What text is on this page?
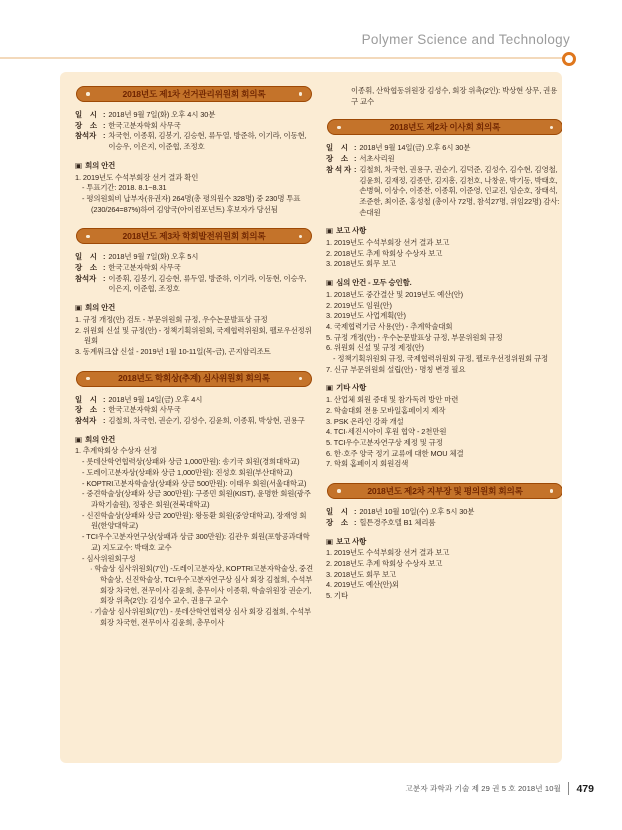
Polymer Science and Technology
2018년도 제1차 선거관리위원회 회의록
일    시 : 2018년 9월 7일(화) 오후 4시 30분
장    소 : 한국고분자학회 사무국
참석자 : 차국헌, 이종휘, 김봉기, 김승현, 류두열, 방준하, 이기라, 이동현, 이승우, 이은지, 이준협, 조정호
▣ 회의 안건
1. 2019년도 수석부회장 선거 결과 확인
- 투표기간: 2018. 8.1~8.31
- 평의원회비 납부자(유권자) 264명(총 평의원수 328명) 중 230명 투표(230/264=87%)하여 김양국(아이컴포넌트) 후보자가 당선됨
2018년도 제3차 학회발전위원회 회의록
일    시 : 2018년 9월 7일(화) 오후 5시
장    소 : 한국고분자학회 사무국
참석자 : 이종휘, 김봉기, 김승현, 류두열, 방준하, 이기라, 이동현, 이승우, 이은지, 이준협, 조정호
▣ 회의 안건
1. 규정 개정(안) 검토 - 부문위원회 규정, 우수논문발표상 규정
2. 위원회 신설 및 규정(안) - 정책기획위원회, 국제협력위원회, 펠로우선정위원회
3. 동계워크샵 신설 - 2019년 1월 10-11일(목-금), 곤지암리조트
2018년도 학회상(추계) 심사위원회 회의록
일    시 : 2018년 9월 14일(금) 오후 4시
장    소 : 한국고분자학회 사무국
참석자 : 김철희, 차국헌, 권순기, 김성수, 김윤희, 이종휘, 박상현, 권용구
▣ 회의 안건
1. 추계학회상 수상자 선정
- 롯데산학연협력상(상패와 상금 1,000만원): 송기국 회원(경희대학교)
- 도레이고분자상(상패와 상금 1,000만원): 진성호 회원(부산대학교)
- KOPTRI고분자학술상(상패와 상금 500만원): 이태우 회원(서울대학교)
- 중견학술상(상패와 상금 300만원): 구종민 회원(KIST), 윤명한 회원(광주과학기술원), 정광은 회원(전북대학교)
- 신진학술상(상패와 상금 200만원): 왕동환 회원(중앙대학교), 장재영 회원(한양대학교)
- TCI우수고분자연구상(상패과 상금 300만원): 김관우 회원(포항공과대학교) 지도교수: 박태호 교수
- 심사위원회구성
· 학술상 심사위원회(7인) -도레이고분자상, KOPTRI고분자학술상, 중견학술상, 신진학술상, TCI우수고분자연구상 심사 회장 김철희, 수석부회장 차국헌, 전무이사 김윤희, 총무이사 이종휘, 학술위원장 권순기, 회장 위촉(2인): 김성수 교수, 권용구 교수
· 기술상 심사위원회(7인) - 롯데산학연협력상 심사 회장 김철희, 수석부회장 차국헌, 전무이사 김윤희, 총무이사
이종휘, 산학협동위원장 김성수, 회장 위촉(2인): 박상현 상무, 권용구 교수
2018년도 제2차 이사회 회의록
일    시 : 2018년 9월 14일(금) 오후 6시 30분
장    소 : 서초사리원
참 석 자 : 김철희, 차국헌, 권용구, 권순기, 김덕준, 김성수, 김수현, 김영철, 김윤희, 김재정, 김종만, 김지흥, 김천호, 나창운, 박기동, 박태호, 손병혁, 이상수, 이종찬, 이종휘, 이준영, 인교진, 임순호, 장태석, 조준한, 최이준, 홍성철 (총이사 72명, 참석27명, 위임22명) 감사: 손대원
▣ 보고 사항
1. 2019년도 수석부회장 선거 결과 보고
2. 2018년도 추계 학회상 수상자 보고
3. 2018년도 회무 보고
▣ 심의 안건 - 모두 승인함.
1. 2018년도 중간결산 및 2019년도 예산(안)
2. 2019년도 임원(안)
3. 2019년도 사업계획(안)
4. 국제협력기금 사용(안) - 추계학술대회
5. 규정 개정(안) - 우수논문발표상 규정, 부문위원회 규정
6. 위원회 신설 및 규정 제정(안)
- 정책기획위원회 규정, 국제협력위원회 규정, 펠로우선정위원회 규정
7. 신규 부문위원회 설립(안) - 명칭 변경 필요
▣ 기타 사항
1. 산업체 회원 증대 및 참가독려 방안 마련
2. 학술대회 전용 모바일홈페이지 제작
3. PSK 온라인 강좌 개설
4. TCI·세진시아이 후원 협약 - 2천만원
5. TCI우수고분자연구상 제정 및 규정
6. 한·호주 양국 정기 교류에 대한 MOU 체결
7. 학회 홈페이지 회원검색
2018년도 제2차 지부장 및 평의원회 회의록
일    시 : 2018년 10월 10일(수) 오후 5시 30분
장    소 : 힐튼경주호텔 B1 체리룸
▣ 보고 사항
1. 2019년도 수석부회장 선거 결과 보고
2. 2018년도 추계 학회상 수상자 보고
3. 2018년도 회무 보고
4. 2019년도 예산(안)외
5. 기타
고분자 과학과 기술 제 29 권 5 호 2018년 10월 479
